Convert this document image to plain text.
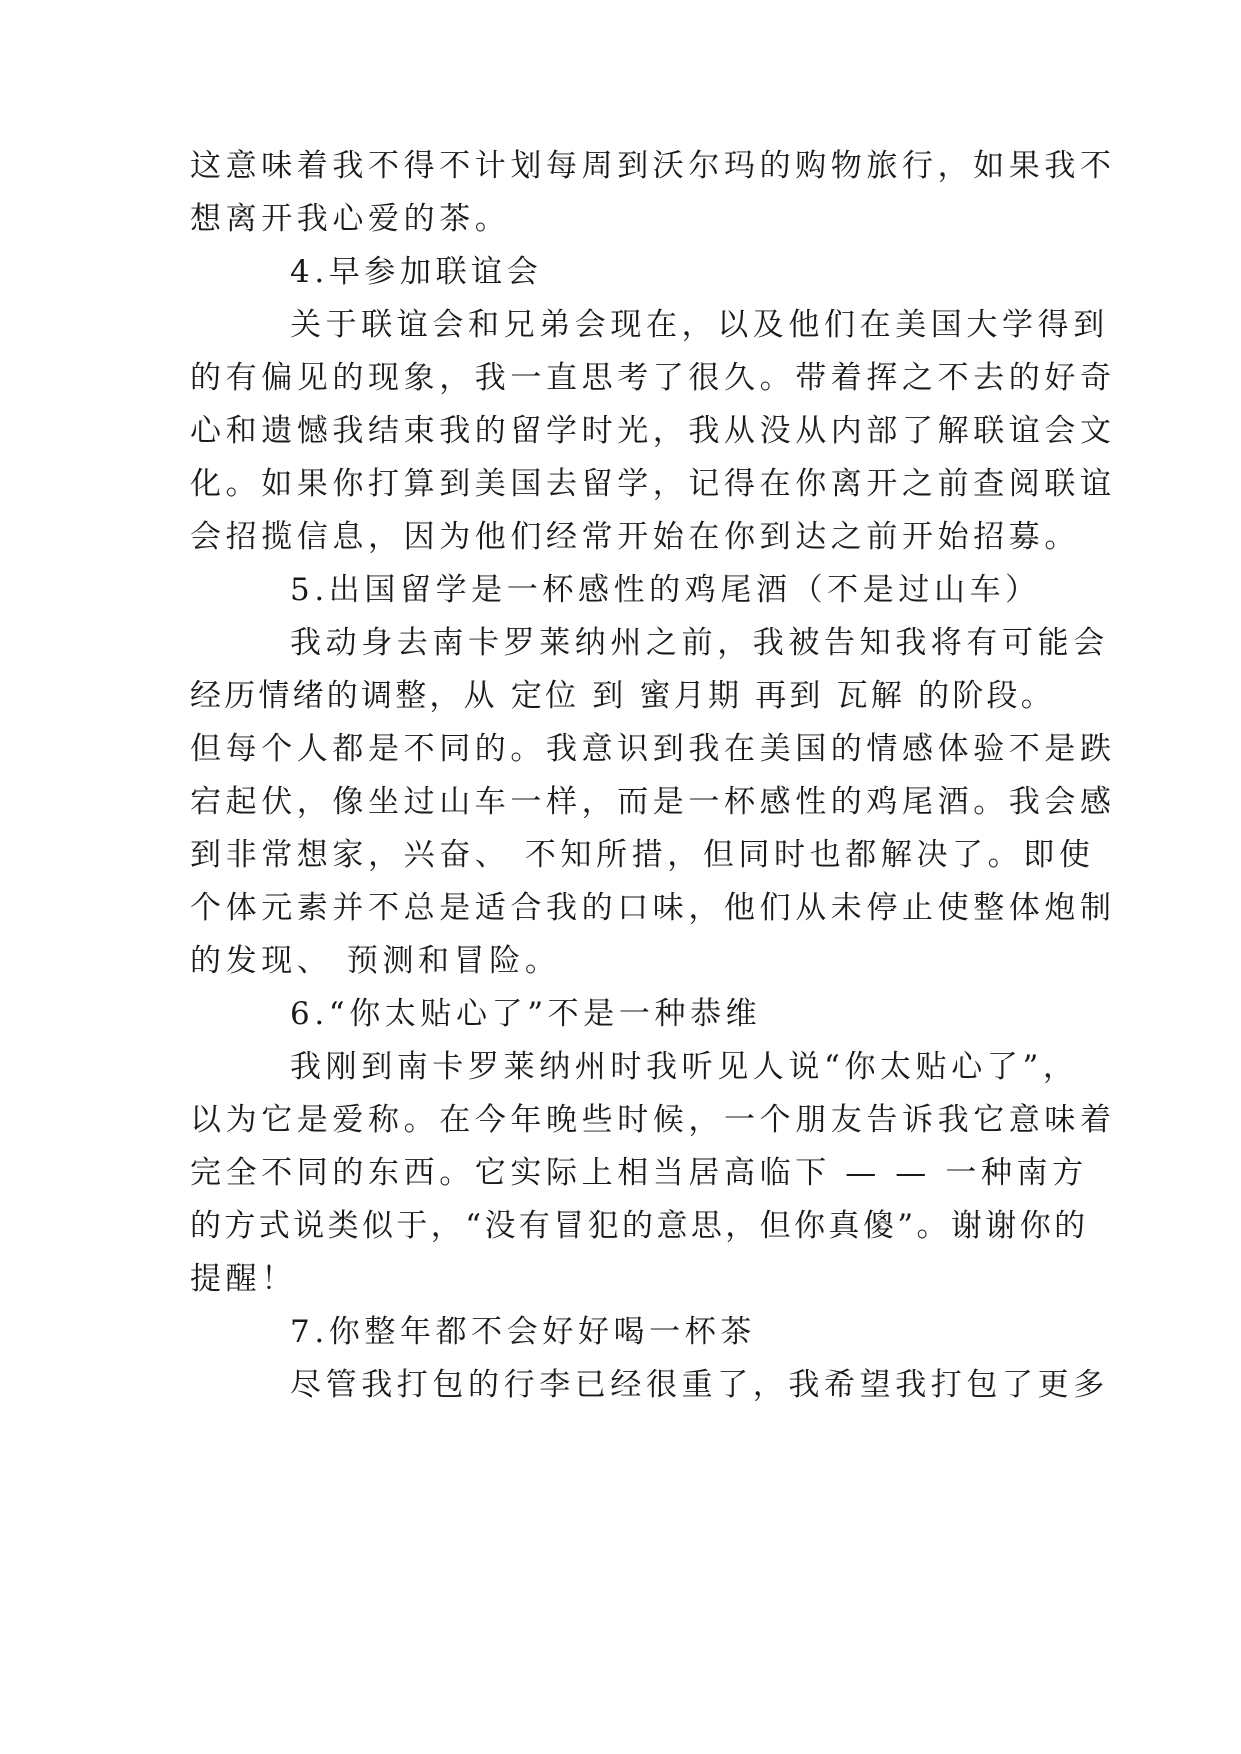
这意味着我不得不计划每周到沃尔玛的购物旅行，如果我不
想离开我心爱的茶。
4.早参加联谊会
关于联谊会和兄弟会现在，以及他们在美国大学得到
的有偏见的现象，我一直思考了很久。带着挥之不去的好奇
心和遗憾我结束我的留学时光，我从没从内部了解联谊会文
化。如果你打算到美国去留学，记得在你离开之前查阅联谊
会招揽信息，因为他们经常开始在你到达之前开始招募。
5.出国留学是一杯感性的鸡尾酒（不是过山车）
我动身去南卡罗莱纳州之前，我被告知我将有可能会
经历情绪的调整，从 定位 到 蜜月期 再到 瓦解 的阶段。
但每个人都是不同的。我意识到我在美国的情感体验不是跌
宕起伏，像坐过山车一样，而是一杯感性的鸡尾酒。我会感
到非常想家，兴奋、 不知所措，但同时也都解决了。即使
个体元素并不总是适合我的口味，他们从未停止使整体炮制
的发现、 预测和冒险。
6.“你太贴心了”不是一种恭维
我刚到南卡罗莱纳州时我听见人说“你太贴心了”，
以为它是爱称。在今年晚些时候，一个朋友告诉我它意味着
完全不同的东西。它实际上相当居高临下 — — 一种南方
的方式说类似于，“没有冒犯的意思，但你真傻”。谢谢你的
提醒！
7.你整年都不会好好喝一杯茶
尽管我打包的行李已经很重了，我希望我打包了更多
